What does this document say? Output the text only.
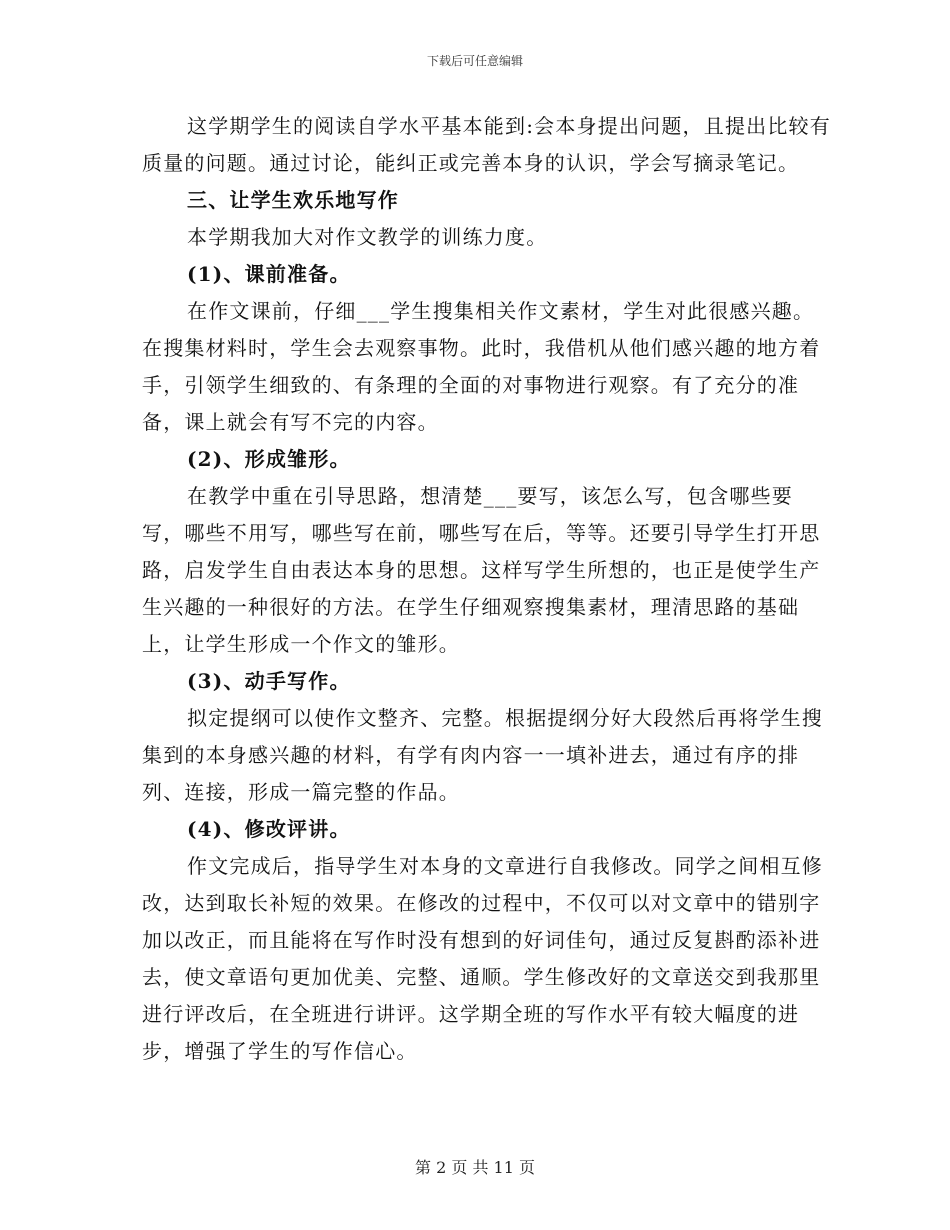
下载后可任意编辑

这学期学生的阅读自学水平基本能到:会本身提出问题，且提出比较有质量的问题。通过讨论，能纠正或完善本身的认识，学会写摘录笔记。

三、让学生欢乐地写作

本学期我加大对作文教学的训练力度。

(1)、课前准备。

在作文课前，仔细___学生搜集相关作文素材，学生对此很感兴趣。在搜集材料时，学生会去观察事物。此时，我借机从他们感兴趣的地方着手，引领学生细致的、有条理的全面的对事物进行观察。有了充分的准备，课上就会有写不完的内容。

(2)、形成雏形。

在教学中重在引导思路，想清楚___要写，该怎么写，包含哪些要写，哪些不用写，哪些写在前，哪些写在后，等等。还要引导学生打开思路，启发学生自由表达本身的思想。这样写学生所想的，也正是使学生产生兴趣的一种很好的方法。在学生仔细观察搜集素材，理清思路的基础上，让学生形成一个作文的雏形。

(3)、动手写作。

拟定提纲可以使作文整齐、完整。根据提纲分好大段然后再将学生搜集到的本身感兴趣的材料，有学有肉内容一一填补进去，通过有序的排列、连接，形成一篇完整的作品。

(4)、修改评讲。

作文完成后，指导学生对本身的文章进行自我修改。同学之间相互修改，达到取长补短的效果。在修改的过程中，不仅可以对文章中的错别字加以改正，而且能将在写作时没有想到的好词佳句，通过反复斟酌添补进去，使文章语句更加优美、完整、通顺。学生修改好的文章送交到我那里进行评改后，在全班进行讲评。这学期全班的写作水平有较大幅度的进步，增强了学生的写作信心。

第 2 页 共 11 页
